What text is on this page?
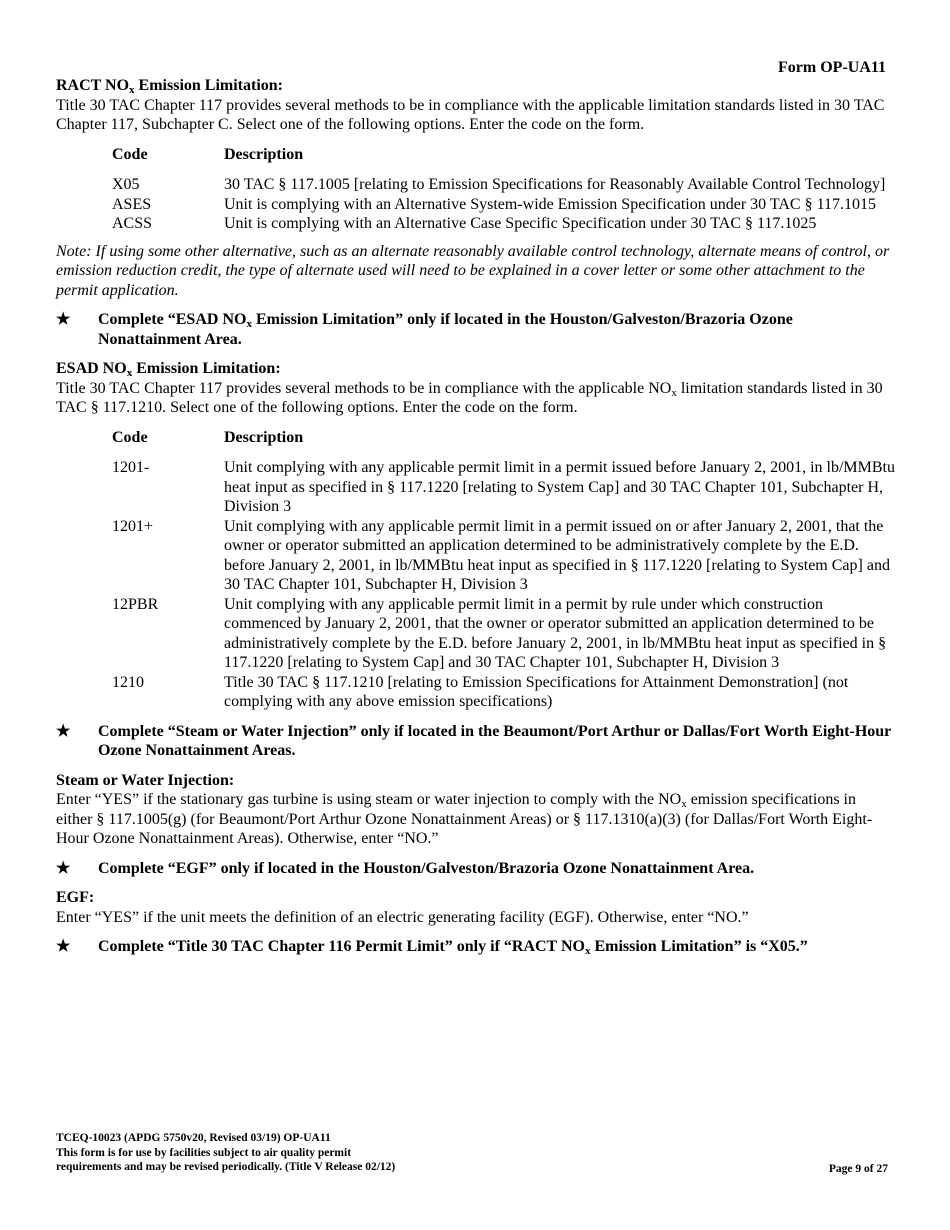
Form OP-UA11
RACT $NO_x$ Emission Limitation:

Title 30 TAC Chapter 117 provides several methods to be in compliance with the applicable limitation standards listed in 30 TAC Chapter 117, Subchapter C. Select one of the following options. Enter the code on the form.

Code	Description
X05	30 TAC § 117.1005 [relating to Emission Specifications for Reasonably Available Control Technology]
ASES	Unit is complying with an Alternative System-wide Emission Specification under 30 TAC § 117.1015
ACSS	Unit is complying with an Alternative Case Specific Specification under 30 TAC § 117.1025

Note: If using some other alternative, such as an alternate reasonably available control technology, alternate means of control, or emission reduction credit, the type of alternate used will need to be explained in a cover letter or some other attachment to the permit application.

★	Complete “ESAD $NO_x$ Emission Limitation” only if located in the Houston/Galveston/Brazoria Ozone Nonattainment Area.
ESAD $NO_x$ Emission Limitation:

Title 30 TAC Chapter 117 provides several methods to be in compliance with the applicable $NO_x$ limitation standards listed in 30 TAC § 117.1210. Select one of the following options. Enter the code on the form.

Code	Description
1201-	Unit complying with any applicable permit limit in a permit issued before January 2, 2001, in lb/MMBtu heat input as specified in § 117.1220 [relating to System Cap] and 30 TAC Chapter 101, Subchapter H, Division 3
1201+	Unit complying with any applicable permit limit in a permit issued on or after January 2, 2001, that the owner or operator submitted an application determined to be administratively complete by the E.D. before January 2, 2001, in lb/MMBtu heat input as specified in § 117.1220 [relating to System Cap] and 30 TAC Chapter 101, Subchapter H, Division 3
12PBR	Unit complying with any applicable permit limit in a permit by rule under which construction commenced by January 2, 2001, that the owner or operator submitted an application determined to be administratively complete by the E.D. before January 2, 2001, in lb/MMBtu heat input as specified in § 117.1220 [relating to System Cap] and 30 TAC Chapter 101, Subchapter H, Division 3
1210	Title 30 TAC § 117.1210 [relating to Emission Specifications for Attainment Demonstration] (not complying with any above emission specifications)
★	Complete “Steam or Water Injection” only if located in the Beaumont/Port Arthur or Dallas/Fort Worth Eight-Hour Ozone Nonattainment Areas.
Steam or Water Injection:

Enter “YES” if the stationary gas turbine is using steam or water injection to comply with the $NO_x$ emission specifications in either § 117.1005(g) (for Beaumont/Port Arthur Ozone Nonattainment Areas) or § 117.1310(a)(3) (for Dallas/Fort Worth Eight-Hour Ozone Nonattainment Areas). Otherwise, enter “NO.”

★	Complete “EGF” only if located in the Houston/Galveston/Brazoria Ozone Nonattainment Area.
EGF:

Enter “YES” if the unit meets the definition of an electric generating facility (EGF). Otherwise, enter “NO.”

★	Complete “Title 30 TAC Chapter 116 Permit Limit” only if “RACT $NO_x$ Emission Limitation” is “X05.”
TCEQ-10023 (APDG 5750v20, Revised 03/19) OP-UA11
This form is for use by facilities subject to air quality permit
requirements and may be revised periodically. (Title V Release 02/12)	Page 9 of 27
